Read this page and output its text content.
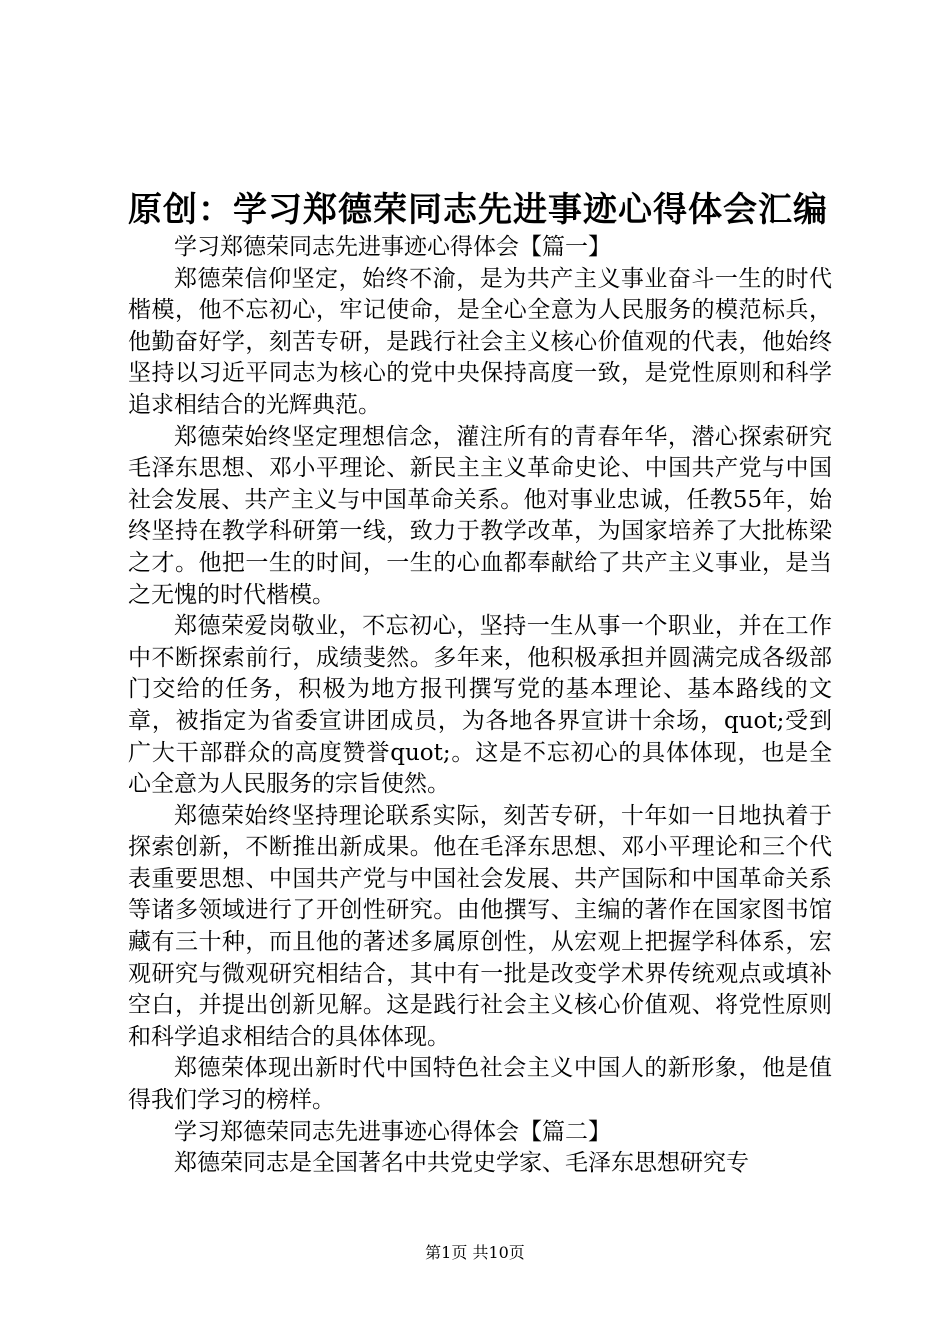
原创：学习郑德荣同志先进事迹心得体会汇编

学习郑德荣同志先进事迹心得体会【篇一】

郑德荣信仰坚定，始终不渝，是为共产主义事业奋斗一生的时代楷模，他不忘初心，牢记使命，是全心全意为人民服务的模范标兵，他勤奋好学，刻苦专研，是践行社会主义核心价值观的代表，他始终坚持以习近平同志为核心的党中央保持高度一致，是党性原则和科学追求相结合的光辉典范。

郑德荣始终坚定理想信念，灌注所有的青春年华，潜心探索研究毛泽东思想、邓小平理论、新民主主义革命史论、中国共产党与中国社会发展、共产主义与中国革命关系。他对事业忠诚，任教55年，始终坚持在教学科研第一线，致力于教学改革，为国家培养了大批栋梁之才。他把一生的时间，一生的心血都奉献给了共产主义事业，是当之无愧的时代楷模。

郑德荣爱岗敬业，不忘初心，坚持一生从事一个职业，并在工作中不断探索前行，成绩斐然。多年来，他积极承担并圆满完成各级部门交给的任务，积极为地方报刊撰写党的基本理论、基本路线的文章，被指定为省委宣讲团成员，为各地各界宣讲十余场，quot;受到广大干部群众的高度赞誉quot;。这是不忘初心的具体体现，也是全心全意为人民服务的宗旨使然。

郑德荣始终坚持理论联系实际，刻苦专研，十年如一日地执着于探索创新，不断推出新成果。他在毛泽东思想、邓小平理论和三个代表重要思想、中国共产党与中国社会发展、共产国际和中国革命关系等诸多领域进行了开创性研究。由他撰写、主编的著作在国家图书馆藏有三十种，而且他的著述多属原创性，从宏观上把握学科体系，宏观研究与微观研究相结合，其中有一批是改变学术界传统观点或填补空白，并提出创新见解。这是践行社会主义核心价值观、将党性原则和科学追求相结合的具体体现。

郑德荣体现出新时代中国特色社会主义中国人的新形象，他是值得我们学习的榜样。

学习郑德荣同志先进事迹心得体会【篇二】

郑德荣同志是全国著名中共党史学家、毛泽东思想研究专

第1页 共10页
